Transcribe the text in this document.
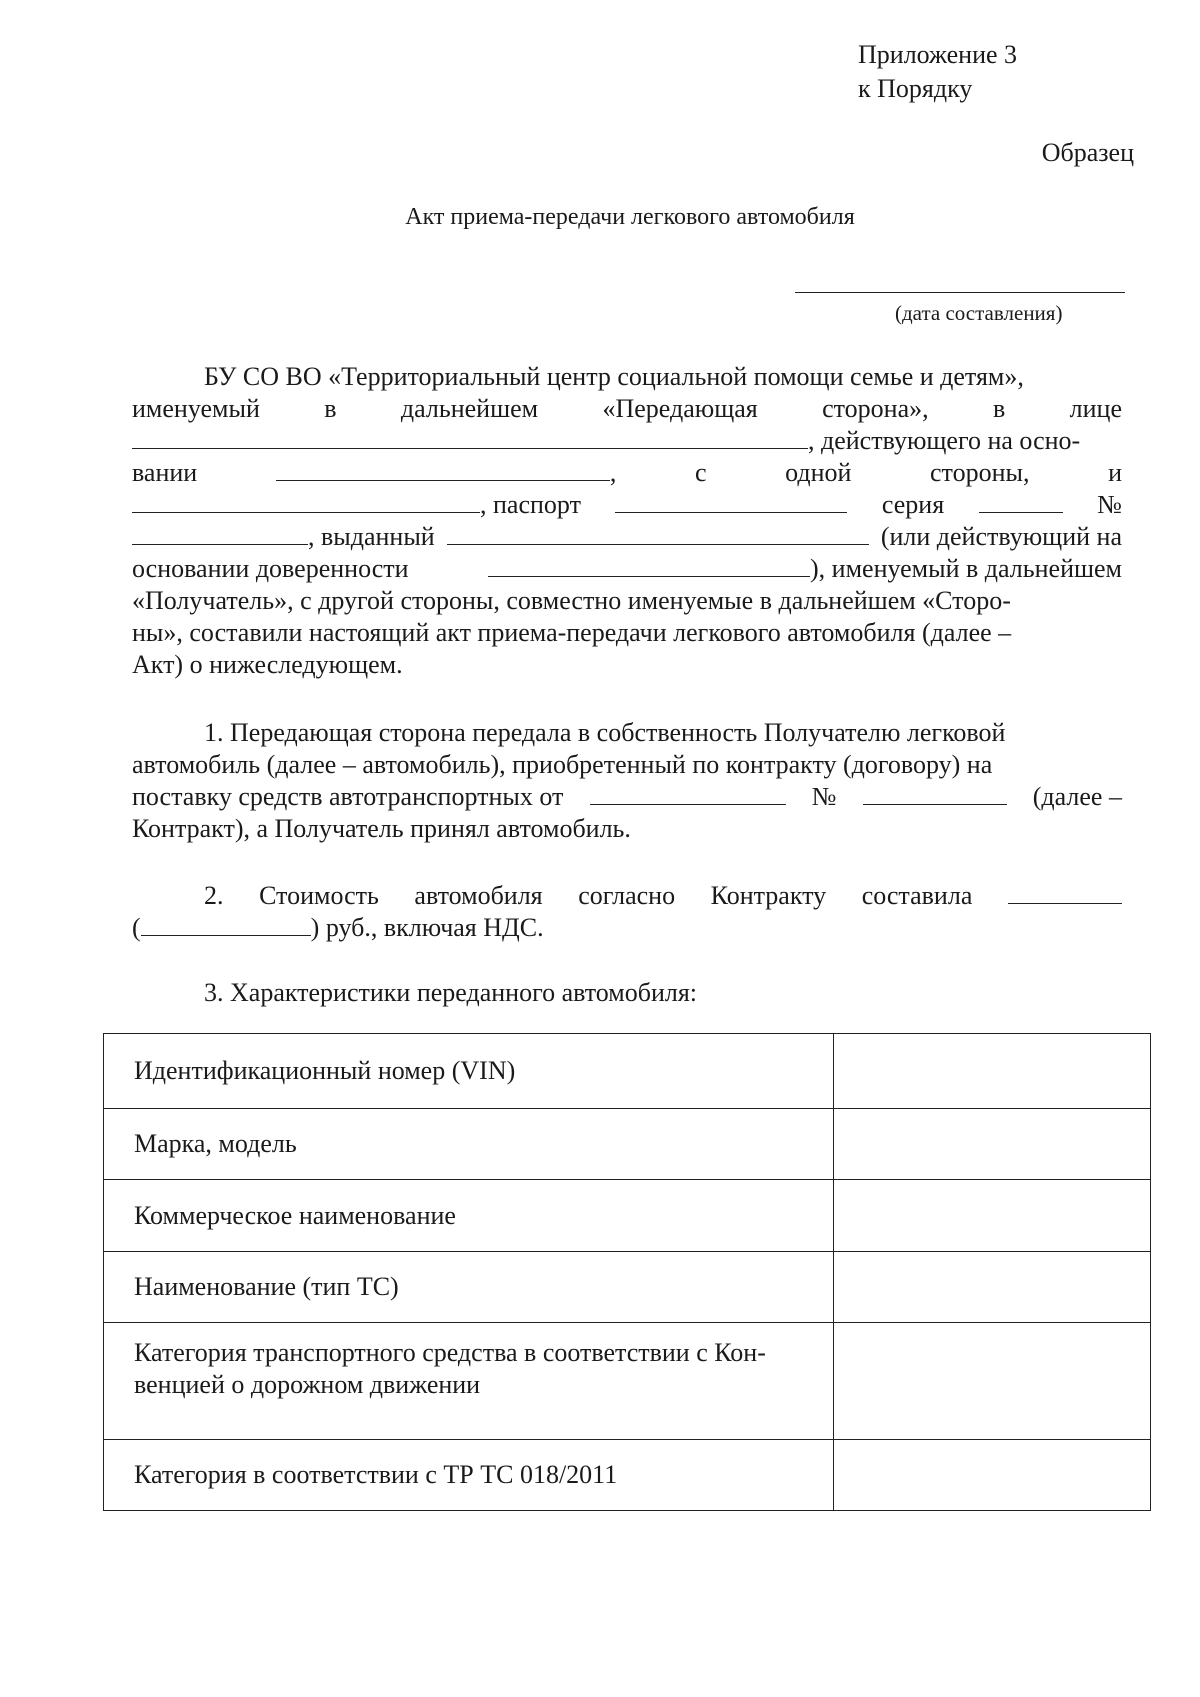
Приложение 3
к Порядку
Образец
Акт приема-передачи легкового автомобиля
(дата составления)
БУ СО ВО «Территориальный центр социальной помощи семье и детям»,
именуемый в дальнейшем «Передающая сторона», в лице
, действующего на осно-
вании	,	с	одной	стороны,	и
, паспорт	серия	№
, выданный	(или действующий на
основании доверенности	), именуемый в дальнейшем
«Получатель», с другой стороны, совместно именуемые в дальнейшем «Сторо-
ны», составили настоящий акт приема-передачи легкового автомобиля (далее –
Акт) о нижеследующем.
1. Передающая сторона передала в собственность Получателю легковой
автомобиль (далее – автомобиль), приобретенный по контракту (договору) на
поставку средств автотранспортных от	№	(далее –
Контракт), а Получатель принял автомобиль.
2. Стоимость автомобиля согласно Контракту составила
(	) руб., включая НДС.
3. Характеристики переданного автомобиля:
Идентификационный номер (VIN)	
Марка, модель	
Коммерческое наименование	
Наименование (тип ТС)	

Категория транспортного средства в соответствии с Кон-
венцией о дорожном движении	

Категория в соответствии с ТР ТС 018/2011	
